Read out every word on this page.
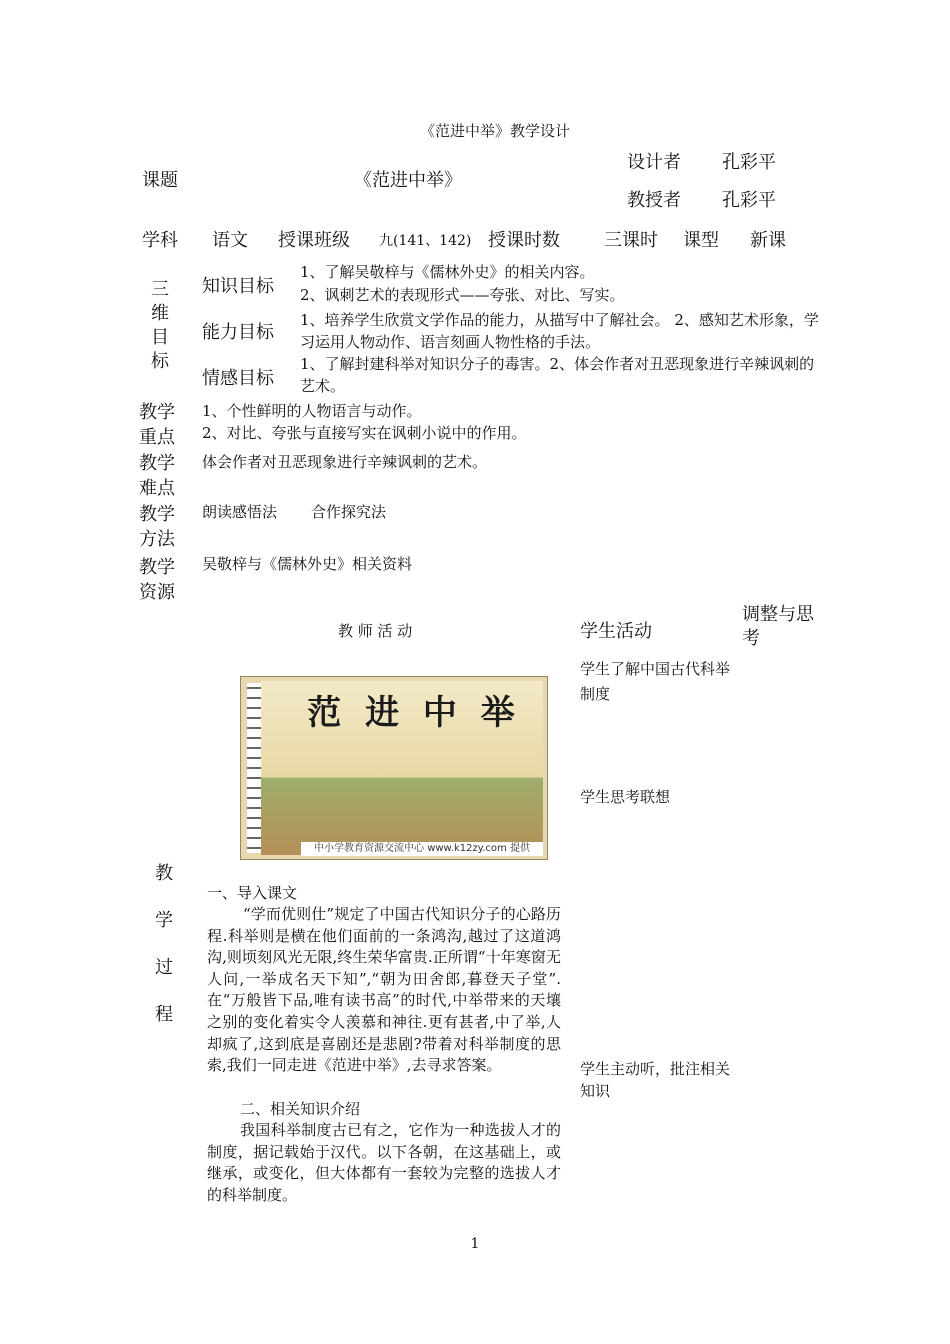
《范进中举》教学设计
课题	《范进中举》
设计者 孔彩平
教授者 孔彩平
学科 语文 授课班级 九(141、142) 授课时数 三课时 课型 新课
三
维
目
标
知识目标
1、了解吴敬梓与《儒林外史》的相关内容。
2、讽刺艺术的表现形式——夸张、对比、写实。
能力目标
1、培养学生欣赏文学作品的能力，从描写中了解社会。 2、感知艺术形象，学习运用人物动作、语言刻画人物性格的手法。
情感目标
1、了解封建科举对知识分子的毒害。2、体会作者对丑恶现象进行辛辣讽刺的艺术。
教学
重点
1、个性鲜明的人物语言与动作。
2、对比、夸张与直接写实在讽刺小说中的作用。
教学
难点
体会作者对丑恶现象进行辛辣讽刺的艺术。
教学
方法
朗读感悟法 合作探究法
教学
资源
吴敬梓与《儒林外史》相关资料
教 师 活 动	学生活动
调整与思考
范 进 中 举
中小学教育资源交流中心 www.k12zy.com 提供
教
学
过
程
学生了解中国古代科举制度
学生思考联想
学生主动听，批注相关知识
一、导入课文
“学而优则仕”规定了中国古代知识分子的心路历程.科举则是横在他们面前的一条鸿沟,越过了这道鸿沟,则顷刻风光无限,终生荣华富贵.正所谓“十年寒窗无人问,一举成名天下知”,“朝为田舍郎,暮登天子堂”.在“万般皆下品,唯有读书高”的时代,中举带来的天壤之别的变化着实令人羡慕和神往.更有甚者,中了举,人却疯了,这到底是喜剧还是悲剧?带着对科举制度的思索,我们一同走进《范进中举》,去寻求答案。
二、相关知识介绍
我国科举制度古已有之，它作为一种选拔人才的制度，据记载始于汉代。以下各朝，在这基础上，或继承，或变化，但大体都有一套较为完整的选拔人才的科举制度。
1
